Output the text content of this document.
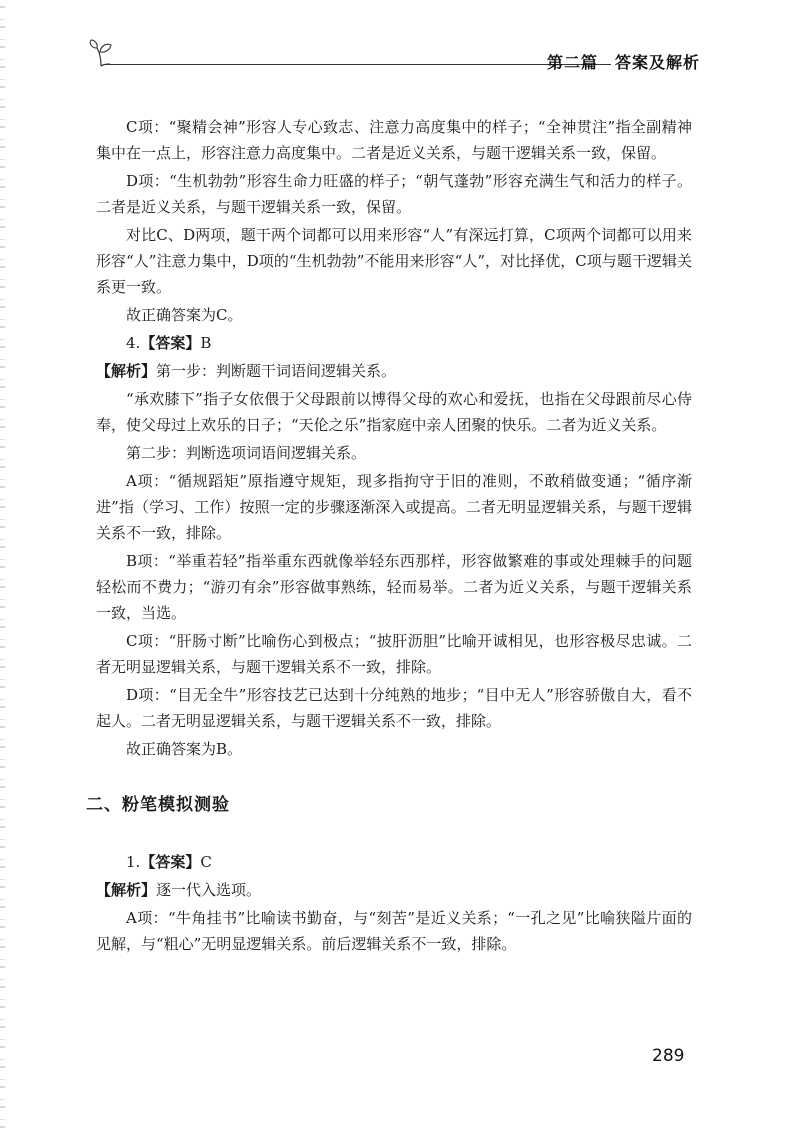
第二篇　答案及解析

C项：“聚精会神”形容人专心致志、注意力高度集中的样子；“全神贯注”指全副精神集中在一点上，形容注意力高度集中。二者是近义关系，与题干逻辑关系一致，保留。

D项：“生机勃勃”形容生命力旺盛的样子；“朝气蓬勃”形容充满生气和活力的样子。二者是近义关系，与题干逻辑关系一致，保留。

对比C、D两项，题干两个词都可以用来形容“人”有深远打算，C项两个词都可以用来形容“人”注意力集中，D项的“生机勃勃”不能用来形容“人”，对比择优，C项与题干逻辑关系更一致。

故正确答案为C。

4.【答案】B

【解析】第一步：判断题干词语间逻辑关系。

“承欢膝下”指子女依偎于父母跟前以博得父母的欢心和爱抚，也指在父母跟前尽心侍奉，使父母过上欢乐的日子；“天伦之乐”指家庭中亲人团聚的快乐。二者为近义关系。

第二步：判断选项词语间逻辑关系。

A项：“循规蹈矩”原指遵守规矩，现多指拘守于旧的准则，不敢稍做变通；“循序渐进”指（学习、工作）按照一定的步骤逐渐深入或提高。二者无明显逻辑关系，与题干逻辑关系不一致，排除。

B项：“举重若轻”指举重东西就像举轻东西那样，形容做繁难的事或处理棘手的问题轻松而不费力；“游刃有余”形容做事熟练，轻而易举。二者为近义关系，与题干逻辑关系一致，当选。

C项：“肝肠寸断”比喻伤心到极点；“披肝沥胆”比喻开诚相见，也形容极尽忠诚。二者无明显逻辑关系，与题干逻辑关系不一致，排除。

D项：“目无全牛”形容技艺已达到十分纯熟的地步；“目中无人”形容骄傲自大，看不起人。二者无明显逻辑关系，与题干逻辑关系不一致，排除。

故正确答案为B。

二、粉笔模拟测验

1.【答案】C

【解析】逐一代入选项。

A项：“牛角挂书”比喻读书勤奋，与“刻苦”是近义关系；“一孔之见”比喻狭隘片面的见解，与“粗心”无明显逻辑关系。前后逻辑关系不一致，排除。

289
